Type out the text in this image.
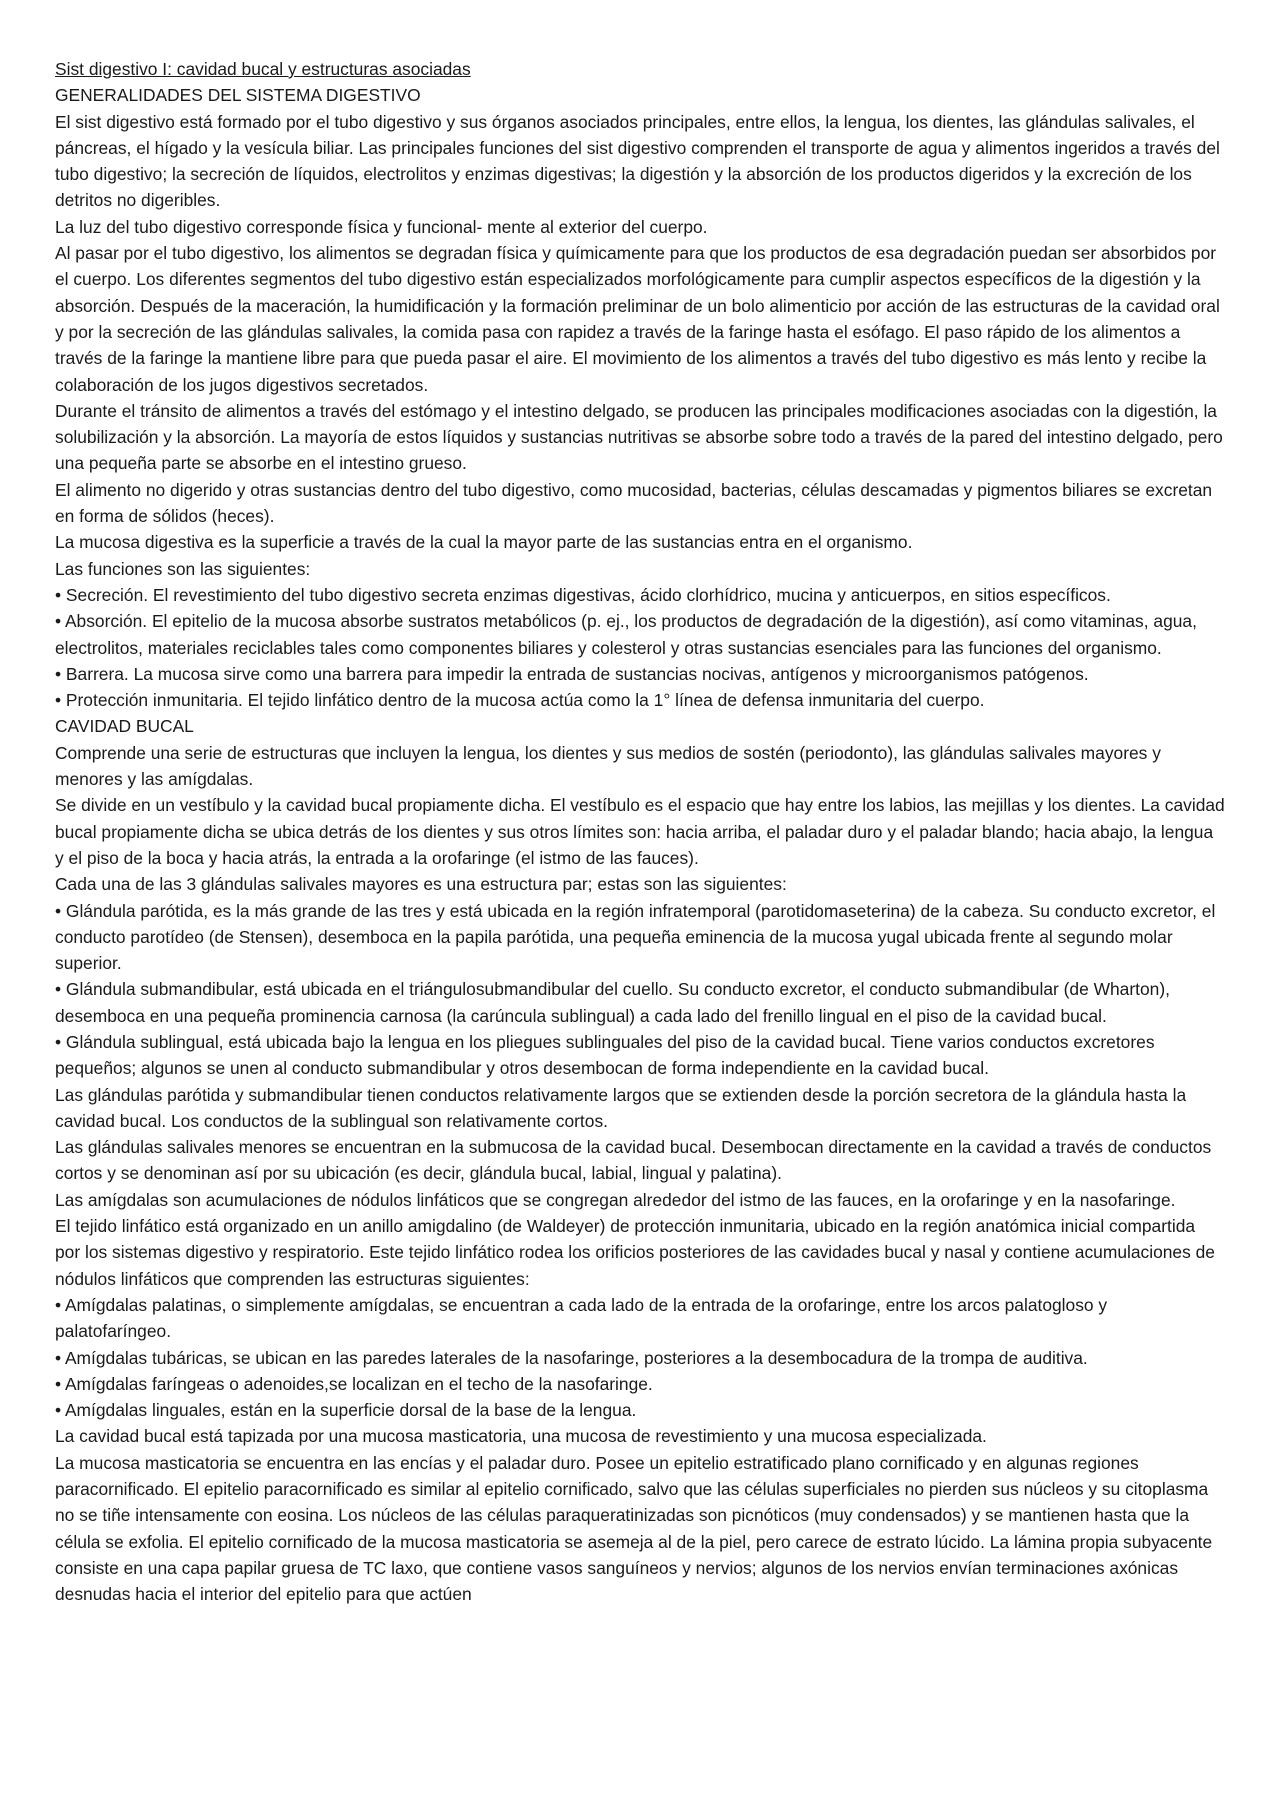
Sist digestivo I: cavidad bucal y estructuras asociadas

GENERALIDADES DEL SISTEMA DIGESTIVO

El sist digestivo está formado por el tubo digestivo y sus órganos asociados principales, entre ellos, la lengua, los dientes, las glándulas salivales, el páncreas, el hígado y la vesícula biliar. Las principales funciones del sist digestivo comprenden el transporte de agua y alimentos ingeridos a través del tubo digestivo; la secreción de líquidos, electrolitos y enzimas digestivas; la digestión y la absorción de los productos digeridos y la excreción de los detritos no digeribles.

La luz del tubo digestivo corresponde física y funcional- mente al exterior del cuerpo.

Al pasar por el tubo digestivo, los alimentos se degradan física y químicamente para que los productos de esa degradación puedan ser absorbidos por el cuerpo. Los diferentes segmentos del tubo digestivo están especializados morfológicamente para cumplir aspectos específicos de la digestión y la absorción. Después de la maceración, la humidificación y la formación preliminar de un bolo alimenticio por acción de las estructuras de la cavidad oral y por la secreción de las glándulas salivales, la comida pasa con rapidez a través de la faringe hasta el esófago. El paso rápido de los alimentos a través de la faringe la mantiene libre para que pueda pasar el aire. El movimiento de los alimentos a través del tubo digestivo es más lento y recibe la colaboración de los jugos digestivos secretados.

Durante el tránsito de alimentos a través del estómago y el intestino delgado, se producen las principales modificaciones asociadas con la digestión, la solubilización y la absorción. La mayoría de estos líquidos y sustancias nutritivas se absorbe sobre todo a través de la pared del intestino delgado, pero una pequeña parte se absorbe en el intestino grueso.

El alimento no digerido y otras sustancias dentro del tubo digestivo, como mucosidad, bacterias, células descamadas y pigmentos biliares se excretan en forma de sólidos (heces).

La mucosa digestiva es la superficie a través de la cual la mayor parte de las sustancias entra en el organismo.

Las funciones son las siguientes:

• Secreción. El revestimiento del tubo digestivo secreta enzimas digestivas, ácido clorhídrico, mucina y anticuerpos, en sitios específicos.

• Absorción. El epitelio de la mucosa absorbe sustratos metabólicos (p. ej., los productos de degradación de la digestión), así como vitaminas, agua, electrolitos, materiales reciclables tales como componentes biliares y colesterol y otras sustancias esenciales para las funciones del organismo.

• Barrera. La mucosa sirve como una barrera para impedir la entrada de sustancias nocivas, antígenos y microorganismos patógenos.

• Protección inmunitaria. El tejido linfático dentro de la mucosa actúa como la 1° línea de defensa inmunitaria del cuerpo.

CAVIDAD BUCAL

Comprende una serie de estructuras que incluyen la lengua, los dientes y sus medios de sostén (periodonto), las glándulas salivales mayores y menores y las amígdalas.

Se divide en un vestíbulo y la cavidad bucal propiamente dicha. El vestíbulo es el espacio que hay entre los labios, las mejillas y los dientes. La cavidad bucal propiamente dicha se ubica detrás de los dientes y sus otros límites son: hacia arriba, el paladar duro y el paladar blando; hacia abajo, la lengua y el piso de la boca y hacia atrás, la entrada a la orofaringe (el istmo de las fauces).

Cada una de las 3 glándulas salivales mayores es una estructura par; estas son las siguientes:

• Glándula parótida, es la más grande de las tres y está ubicada en la región infratemporal (parotidomaseterina) de la cabeza. Su conducto excretor, el conducto parotídeo (de Stensen), desemboca en la papila parótida, una pequeña eminencia de la mucosa yugal ubicada frente al segundo molar superior.

• Glándula submandibular, está ubicada en el triángulosubmandibular del cuello. Su conducto excretor, el conducto submandibular (de Wharton), desemboca en una pequeña prominencia carnosa (la carúncula sublingual) a cada lado del frenillo lingual en el piso de la cavidad bucal.

• Glándula sublingual, está ubicada bajo la lengua en los pliegues sublinguales del piso de la cavidad bucal. Tiene varios conductos excretores pequeños; algunos se unen al conducto submandibular y otros desembocan de forma independiente en la cavidad bucal.

Las glándulas parótida y submandibular tienen conductos relativamente largos que se extienden desde la porción secretora de la glándula hasta la cavidad bucal. Los conductos de la sublingual son relativamente cortos.

Las glándulas salivales menores se encuentran en la submucosa de la cavidad bucal. Desembocan directamente en la cavidad a través de conductos cortos y se denominan así por su ubicación (es decir, glándula bucal, labial, lingual y palatina).

Las amígdalas son acumulaciones de nódulos linfáticos que se congregan alrededor del istmo de las fauces, en la orofaringe y en la nasofaringe.

El tejido linfático está organizado en un anillo amigdalino (de Waldeyer) de protección inmunitaria, ubicado en la región anatómica inicial compartida por los sistemas digestivo y respiratorio. Este tejido linfático rodea los orificios posteriores de las cavidades bucal y nasal y contiene acumulaciones de nódulos linfáticos que comprenden las estructuras siguientes:

• Amígdalas palatinas, o simplemente amígdalas, se encuentran a cada lado de la entrada de la orofaringe, entre los arcos palatogloso y palatofaríngeo.

• Amígdalas tubáricas, se ubican en las paredes laterales de la nasofaringe, posteriores a la desembocadura de la trompa de auditiva.

• Amígdalas faríngeas o adenoides,se localizan en el techo de la nasofaringe.

• Amígdalas linguales, están en la superficie dorsal de la base de la lengua.

La cavidad bucal está tapizada por una mucosa masticatoria, una mucosa de revestimiento y una mucosa especializada.

La mucosa masticatoria se encuentra en las encías y el paladar duro. Posee un epitelio estratificado plano cornificado y en algunas regiones paracornificado. El epitelio paracornificado es similar al epitelio cornificado, salvo que las células superficiales no pierden sus núcleos y su citoplasma no se tiñe intensamente con eosina. Los núcleos de las células paraqueratinizadas son picnóticos (muy condensados) y se mantienen hasta que la célula se exfolia. El epitelio cornificado de la mucosa masticatoria se asemeja al de la piel, pero carece de estrato lúcido. La lámina propia subyacente consiste en una capa papilar gruesa de TC laxo, que contiene vasos sanguíneos y nervios; algunos de los nervios envían terminaciones axónicas desnudas hacia el interior del epitelio para que actúen
